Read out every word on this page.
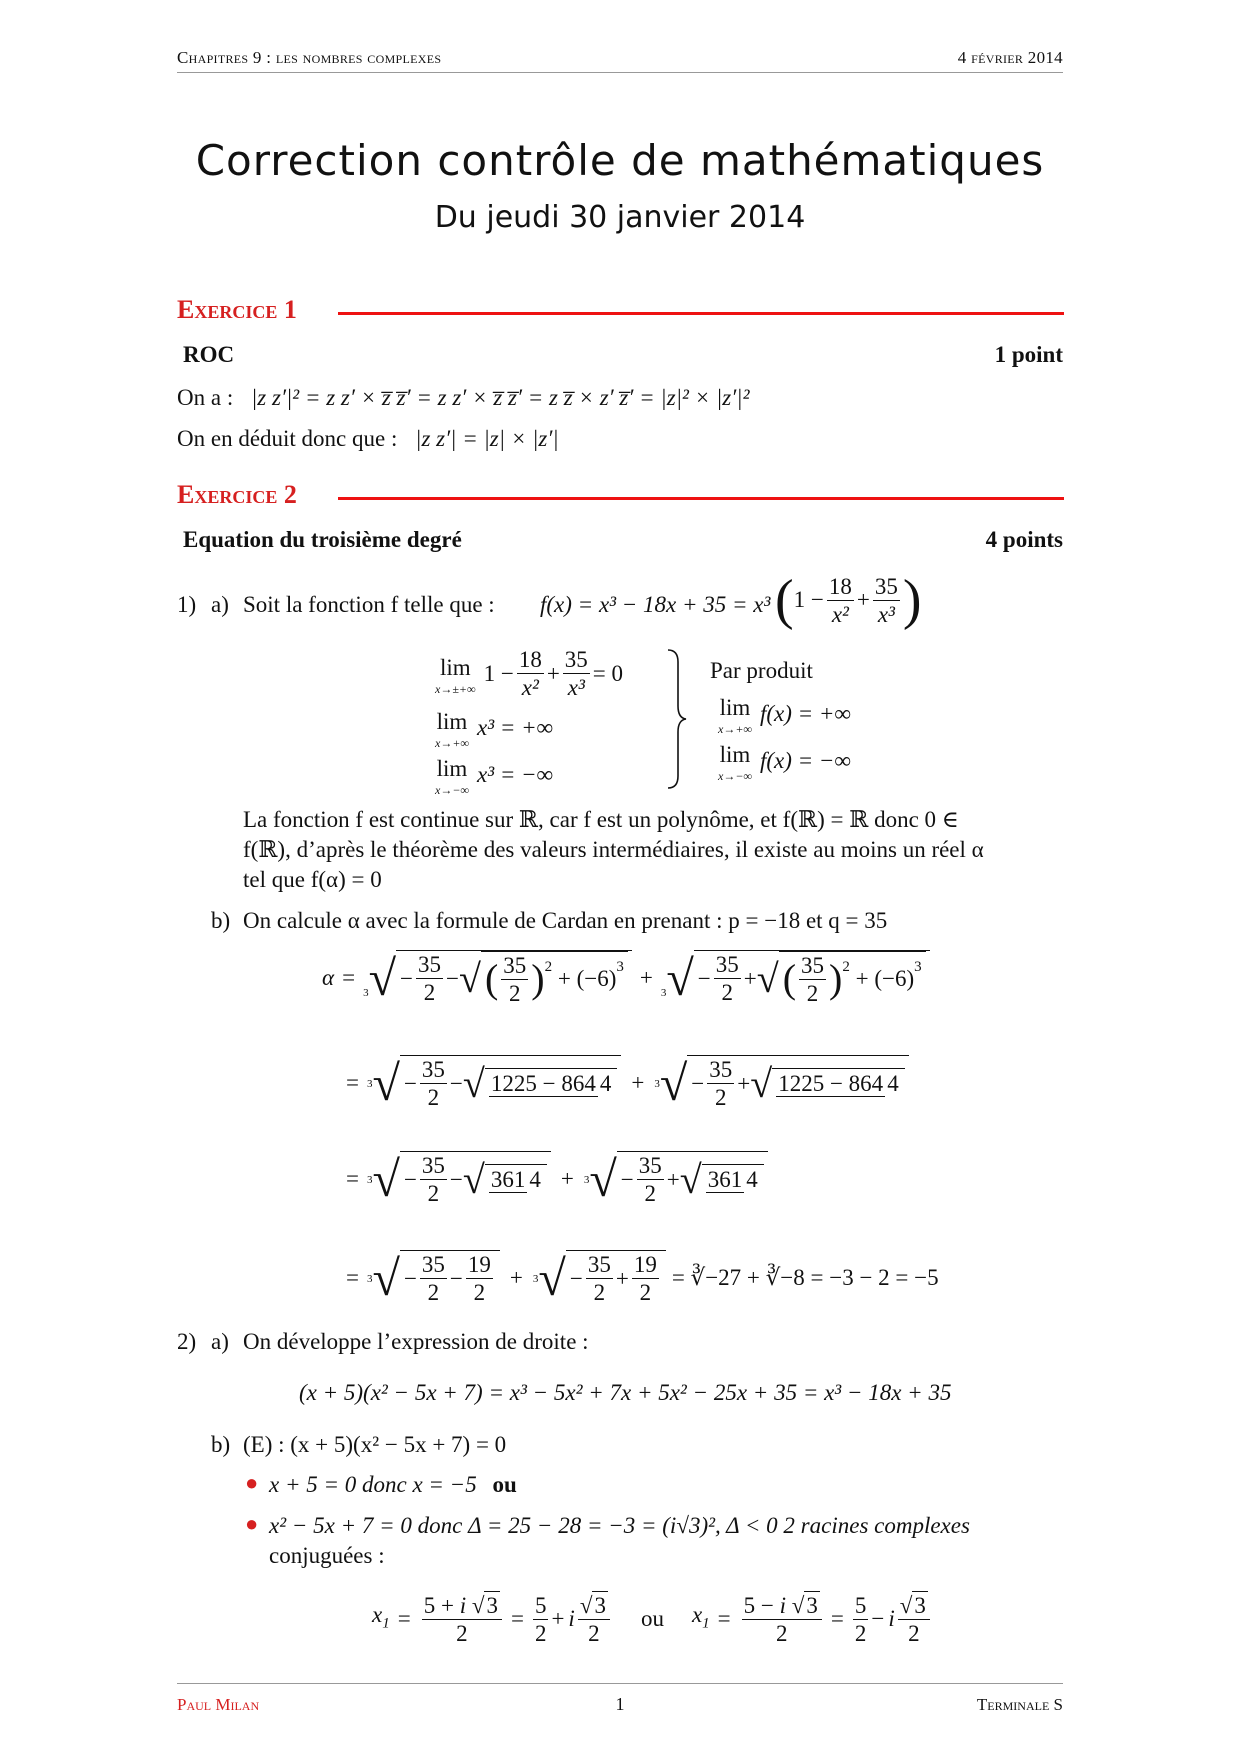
Chapitres 9 : les nombres complexes	4 février 2014
Correction contrôle de mathématiques
Du jeudi 30 janvier 2014
Exercice 1
ROC	1 point
On a : |z z′|² = z z′ × z̅ z̅′ = z z′ × z̅ z̅′ = z z̅ × z′ z̅′ = |z|² × |z′|²
On en déduit donc que : |z z′| = |z| × |z′|
Exercice 2
Equation du troisième degré	4 points
1) a) Soit la fonction f telle que : f(x) = x³ − 18x + 35 = x³ ( $1 - \frac{18}{\text{x²}} + \frac{35}{\text{x³}}$ )
lim
x→±+∞
$1 - \frac{18}{\text{x²}} + \frac{35}{\text{x³}} = 0$
lim
x→+∞
x³ = +∞
lim
x→−∞
x³ = −∞
Par produit
lim
x→+∞
f(x) = +∞
lim
x→−∞
f(x) = −∞
La fonction f est continue sur ℝ, car f est un polynôme, et f(ℝ) = ℝ donc 0 ∈
f(ℝ), d’après le théorème des valeurs intermédiaires, il existe au moins un réel α
tel que f(α) = 0
b) On calcule α avec la formule de Cardan en prenant : p = −18 et q = 35
α =
3 √ − $\frac{35}{2}$ − √ ( $\frac{35}{2} )^2 + (-6)$ 3 +
3 √ − $\frac{35}{2}$ + √ ( $\frac{35}{2} )^2 + (-6)$ 3
= 3 √ − $\frac{35}{2}$ − √ 1225 − 864 4 + 3 √ − $\frac{35}{2}$ + √ 1225 − 864 4
= 3 √ − $\frac{35}{2}$ − √ 361 4 + 3 √ − $\frac{35}{2}$ + √ 361 4
= 3 √ − $\frac{35}{2} - \frac{19}{2} + 3$ √ − $\frac{35}{2} + \frac{19}{2}$ = ∛−27 + ∛−8 = −3 − 2 = −5
2) a) On développe l’expression de droite :
(x + 5)(x² − 5x + 7) = x³ − 5x² + 7x + 5x² − 25x + 35 = x³ − 18x + 35
b) (E) : (x + 5)(x² − 5x + 7) = 0
● x + 5 = 0 donc x = −5 ou
● x² − 5x + 7 = 0 donc Δ = 25 − 28 = −3 = (i√3)², Δ < 0 2 racines complexes
conjuguées :
$x_1 = \frac{5 + i √3}{2} = \frac{5}{2} + i \frac{√3}{2}$ ou $x_1 = \frac{5 - i √3}{2} = \frac{5}{2} - i \frac{√3}{2}$
Paul Milan	1	Terminale S
